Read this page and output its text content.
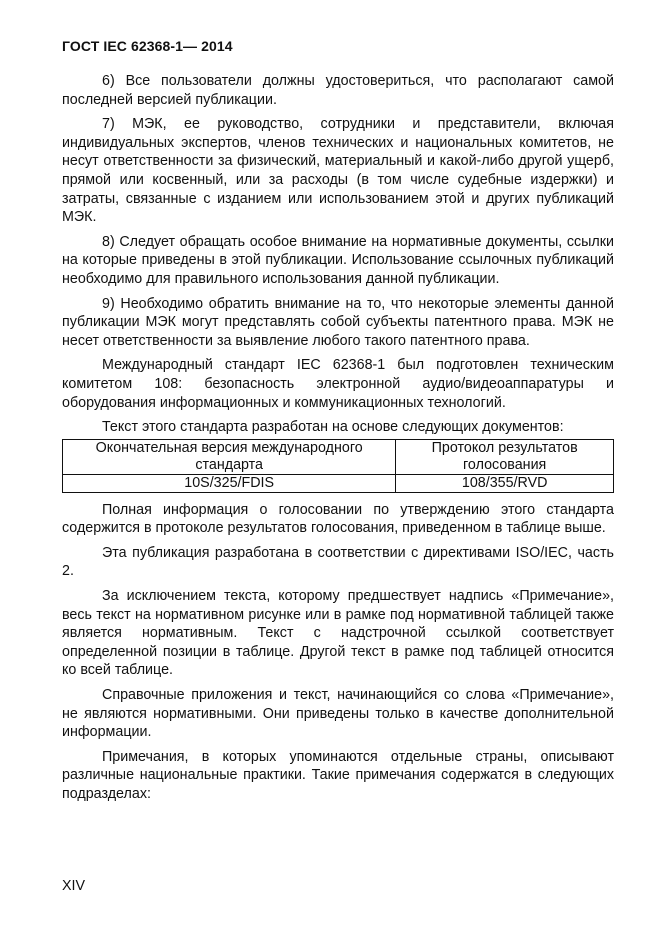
ГОСТ IEC 62368-1— 2014

6) Все пользователи должны удостовериться, что располагают самой последней версией публикации.

7) МЭК, ее руководство, сотрудники и представители, включая индивидуальных экспертов, членов технических и национальных комитетов, не несут ответственности за физический, материальный и какой-либо другой ущерб, прямой или косвенный, или за расходы (в том числе судебные издержки) и затраты, связанные с изданием или использованием этой и других публикаций МЭК.

8) Следует обращать особое внимание на нормативные документы, ссылки на которые приведены в этой публикации. Использование ссылочных публикаций необходимо для правильного использования данной публикации.

9) Необходимо обратить внимание на то, что некоторые элементы данной публикации МЭК могут представлять собой субъекты патентного права. МЭК не несет ответственности за выявление любого такого патентного права.

Международный стандарт IEC 62368-1 был подготовлен техническим комитетом 108: безопасность электронной аудио/видеоаппаратуры и оборудования информационных и коммуникационных технологий.

Текст этого стандарта разработан на основе следующих документов:

Окончательная версия международного стандарта	Протокол результатов голосования
10S/325/FDIS	108/355/RVD

Полная информация о голосовании по утверждению этого стандарта содержится в протоколе результатов голосования, приведенном в таблице выше.

Эта публикация разработана в соответствии с директивами ISO/IEC, часть 2.

За исключением текста, которому предшествует надпись «Примечание», весь текст на нормативном рисунке или в рамке под нормативной таблицей также является нормативным. Текст с надстрочной ссылкой соответствует определенной позиции в таблице. Другой текст в рамке под таблицей относится ко всей таблице.

Справочные приложения и текст, начинающийся со слова «Примечание», не являются нормативными. Они приведены только в качестве дополнительной информации.

Примечания, в которых упоминаются отдельные страны, описывают различные национальные практики. Такие примечания содержатся в следующих подразделах:

XIV
